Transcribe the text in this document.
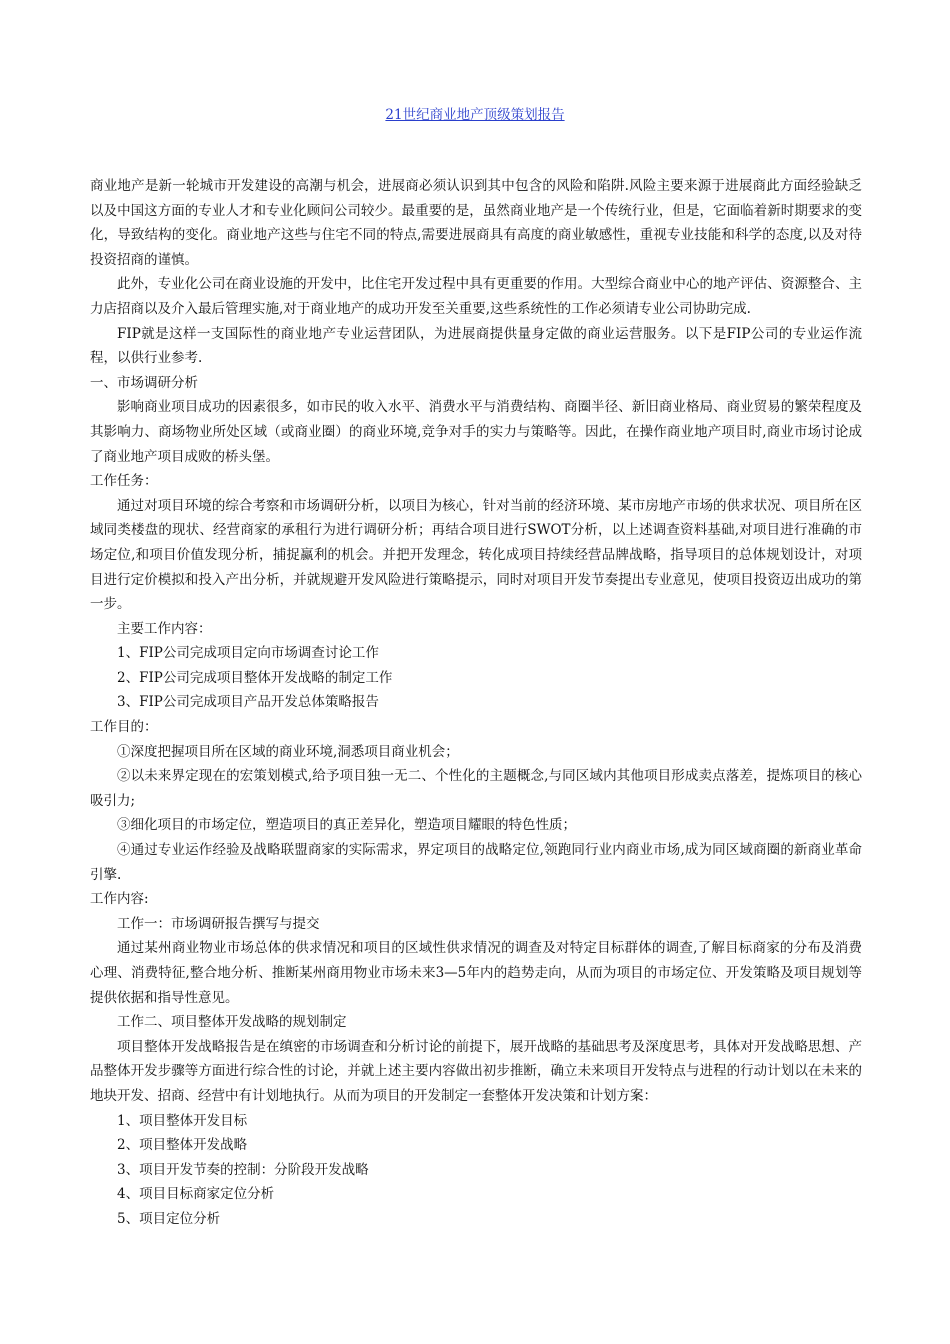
21世纪商业地产顶级策划报告

商业地产是新一轮城市开发建设的高潮与机会，进展商必须认识到其中包含的风险和陷阱.风险主要来源于进展商此方面经验缺乏以及中国这方面的专业人才和专业化顾问公司较少。最重要的是，虽然商业地产是一个传统行业，但是，它面临着新时期要求的变化，导致结构的变化。商业地产这些与住宅不同的特点,需要进展商具有高度的商业敏感性，重视专业技能和科学的态度,以及对待投资招商的谨慎。

此外，专业化公司在商业设施的开发中，比住宅开发过程中具有更重要的作用。大型综合商业中心的地产评估、资源整合、主力店招商以及介入最后管理实施,对于商业地产的成功开发至关重要,这些系统性的工作必须请专业公司协助完成.

FIP就是这样一支国际性的商业地产专业运营团队，为进展商提供量身定做的商业运营服务。以下是FIP公司的专业运作流程，以供行业参考.

一、市场调研分析

影响商业项目成功的因素很多，如市民的收入水平、消费水平与消费结构、商圈半径、新旧商业格局、商业贸易的繁荣程度及其影响力、商场物业所处区域（或商业圈）的商业环境,竞争对手的实力与策略等。因此，在操作商业地产项目时,商业市场讨论成了商业地产项目成败的桥头堡。

工作任务：

通过对项目环境的综合考察和市场调研分析，以项目为核心，针对当前的经济环境、某市房地产市场的供求状况、项目所在区域同类楼盘的现状、经营商家的承租行为进行调研分析；再结合项目进行SWOT分析，以上述调查资料基础,对项目进行准确的市场定位,和项目价值发现分析，捕捉赢利的机会。并把开发理念，转化成项目持续经营品牌战略，指导项目的总体规划设计，对项目进行定价模拟和投入产出分析，并就规避开发风险进行策略提示，同时对项目开发节奏提出专业意见，使项目投资迈出成功的第一步。

主要工作内容：

1、FIP公司完成项目定向市场调查讨论工作

2、FIP公司完成项目整体开发战略的制定工作

3、FIP公司完成项目产品开发总体策略报告

工作目的：

①深度把握项目所在区域的商业环境,洞悉项目商业机会；

②以未来界定现在的宏策划模式,给予项目独一无二、个性化的主题概念,与同区域内其他项目形成卖点落差，提炼项目的核心吸引力;

③细化项目的市场定位，塑造项目的真正差异化，塑造项目耀眼的特色性质；

④通过专业运作经验及战略联盟商家的实际需求，界定项目的战略定位,领跑同行业内商业市场,成为同区域商圈的新商业革命引擎.

工作内容:

工作一：市场调研报告撰写与提交

通过某州商业物业市场总体的供求情况和项目的区域性供求情况的调查及对特定目标群体的调查,了解目标商家的分布及消费心理、消费特征,整合地分析、推断某州商用物业市场未来3—5年内的趋势走向，从而为项目的市场定位、开发策略及项目规划等提供依据和指导性意见。

工作二、项目整体开发战略的规划制定

项目整体开发战略报告是在缜密的市场调查和分析讨论的前提下，展开战略的基础思考及深度思考，具体对开发战略思想、产品整体开发步骤等方面进行综合性的讨论，并就上述主要内容做出初步推断，确立未来项目开发特点与进程的行动计划以在未来的地块开发、招商、经营中有计划地执行。从而为项目的开发制定一套整体开发决策和计划方案：

1、项目整体开发目标

2、项目整体开发战略

3、项目开发节奏的控制：分阶段开发战略

4、项目目标商家定位分析

5、项目定位分析
